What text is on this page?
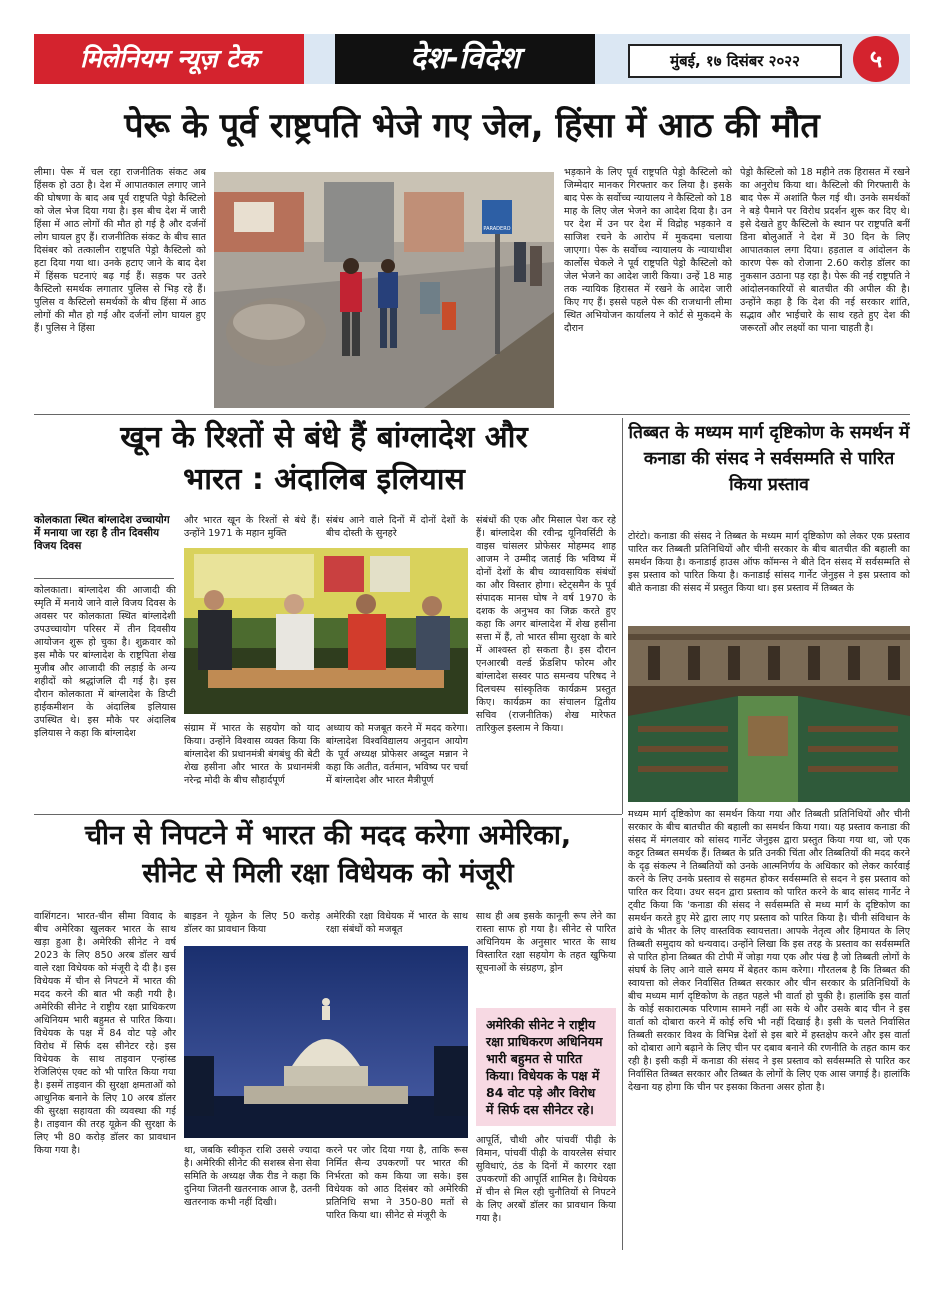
मिलेनियम न्यूज़ टेक	देश-विदेश	मुंबई, १७ दिसंबर २०२२	५
पेरू के पूर्व राष्ट्रपति भेजे गए जेल, हिंसा में आठ की मौत
लीमा। पेरू में चल रहा राजनीतिक संकट अब हिंसक हो उठा है। देश में आपातकाल लगाए जाने की घोषणा के बाद अब पूर्व राष्ट्रपति पेड्रो कैस्टिलो को जेल भेज दिया गया है। इस बीच देश में जारी हिंसा में आठ लोगों की मौत हो गई है और दर्जनों लोग घायल हुए हैं। राजनीतिक संकट के बीच सात दिसंबर को तत्कालीन राष्ट्रपति पेड्रो कैस्टिलो को हटा दिया गया था। उनके हटाए जाने के बाद देश में हिंसक घटनाएं बढ़ गई हैं। सड़क पर उतरे कैस्टिलो समर्थक लगातार पुलिस से भिड़ रहे हैं। पुलिस व कैस्टिलो समर्थकों के बीच हिंसा में आठ लोगों की मौत हो गई और दर्जनों लोग घायल हुए हैं। पुलिस ने हिंसा
PARADERO
भड़काने के लिए पूर्व राष्ट्रपति पेड्रो कैस्टिलो को जिम्मेदार मानकर गिरफ्तार कर लिया है। इसके बाद पेरू के सर्वोच्च न्यायालय ने कैस्टिलो को 18 माह के लिए जेल भेजने का आदेश दिया है। उन पर देश में उन पर देश में विद्रोह भड़काने व साजिश रचने के आरोप में मुकदमा चलाया जाएगा। पेरू के सर्वोच्च न्यायालय के न्यायाधीश कार्लोस चेकले ने पूर्व राष्ट्रपति पेड्रो कैस्टिलो को जेल भेजने का आदेश जारी किया। उन्हें 18 माह तक न्यायिक हिरासत में रखने के आदेश जारी किए गए हैं। इससे पहले पेरू की राजधानी लीमा स्थित अभियोजन कार्यालय ने कोर्ट से मुकदमे के दौरान
पेड्रो कैस्टिलो को 18 महीने तक हिरासत में रखने का अनुरोध किया था। कैस्टिलो की गिरफ्तारी के बाद पेरू में अशांति फैल गई थी। उनके समर्थकों ने बड़े पैमाने पर विरोध प्रदर्शन शुरू कर दिए थे। इसे देखते हुए कैस्टिलो के स्थान पर राष्ट्रपति बनीं डिना बोलुआर्ते ने देश में 30 दिन के लिए आपातकाल लगा दिया। हड़ताल व आंदोलन के कारण पेरू को रोजाना 2.60 करोड़ डॉलर का नुकसान उठाना पड़ रहा है। पेरू की नई राष्ट्रपति ने आंदोलनकारियों से बातचीत की अपील की है। उन्होंने कहा है कि देश की नई सरकार शांति, सद्भाव और भाईचारे के साथ रहते हुए देश की जरूरतों और लक्ष्यों का पाना चाहती है।
खून के रिश्तों से बंधे हैं बांग्लादेश और
भारत : अंदालिब इलियास
कोलकाता स्थित बांग्लादेश उच्चायोग में मनाया जा रहा है तीन दिवसीय विजय दिवस
कोलकाता। बांग्लादेश की आजादी की स्मृति में मनाये जाने वाले विजय दिवस के अवसर पर कोलकाता स्थित बांग्लादेशी उपउच्चायोग परिसर में तीन दिवसीय आयोजन शुरू हो चुका है। शुक्रवार को इस मौके पर बांग्लादेश के राष्ट्रपिता शेख मुजीब और आजादी की लड़ाई के अन्य शहीदों को श्रद्धांजलि दी गई है। इस दौरान कोलकाता में बांग्लादेश के डिप्टी हाईकमीशन के अंदालिब इलियास उपस्थित थे। इस मौके पर अंदालिब इलियास ने कहा कि बांग्लादेश
और भारत खून के रिश्तों से बंधे हैं। उन्होंने 1971 के महान मुक्ति
संबंध आने वाले दिनों में दोनों देशों के बीच दोस्ती के सुनहरे
संग्राम में भारत के सहयोग को याद किया। उन्होंने विश्वास व्यक्त किया कि बांग्लादेश की प्रधानमंत्री बंगबंधु की बेटी शेख हसीना और भारत के प्रधानमंत्री नरेन्द्र मोदी के बीच सौहार्दपूर्ण
अध्याय को मजबूत करने में मदद करेगा। बांग्लादेश विश्वविद्यालय अनुदान आयोग के पूर्व अध्यक्ष प्रोफेसर अब्दुल मन्नान ने कहा कि अतीत, वर्तमान, भविष्य पर चर्चा में बांग्लादेश और भारत मैत्रीपूर्ण
संबंधों की एक और मिसाल पेश कर रहे हैं। बांग्लादेश की रवीन्द्र यूनिवर्सिटी के वाइस चांसलर प्रोफेसर मोहम्मद शाह आजम ने उम्मीद जताई कि भविष्य में दोनों देशों के बीच व्यावसायिक संबंधों का और विस्तार होगा। स्टेट्समैन के पूर्व संपादक मानस घोष ने वर्ष 1970 के दशक के अनुभव का जिक्र करते हुए कहा कि अगर बांग्लादेश में शेख हसीना सत्ता में हैं, तो भारत सीमा सुरक्षा के बारे में आश्वस्त हो सकता है। इस दौरान एनआरबी वर्ल्ड फ्रेंडशिप फोरम और बांग्लादेश सस्वर पाठ समन्वय परिषद ने दिलचस्प सांस्कृतिक कार्यक्रम प्रस्तुत किए। कार्यक्रम का संचालन द्वितीय सचिव (राजनीतिक) शेख मारेफत तारिकुल इस्लाम ने किया।
तिब्बत के मध्यम मार्ग दृष्टिकोण के समर्थन में कनाडा की संसद ने सर्वसम्मति से पारित किया प्रस्ताव
टोरंटो। कनाडा की संसद ने तिब्बत के मध्यम मार्ग दृष्टिकोण को लेकर एक प्रस्ताव पारित कर तिब्बती प्रतिनिधियों और चीनी सरकार के बीच बातचीत की बहाली का समर्थन किया है। कनाडाई हाउस ऑफ कॉमन्स ने बीते दिन संसद में सर्वसम्मति से इस प्रस्ताव को पारित किया है। कनाडाई सांसद गार्नेट जेनुइस ने इस प्रस्ताव को बीते कनाडा की संसद में प्रस्तुत किया था। इस प्रस्ताव में तिब्बत के
मध्यम मार्ग दृष्टिकोण का समर्थन किया गया और तिब्बती प्रतिनिधियों और चीनी सरकार के बीच बातचीत की बहाली का समर्थन किया गया। यह प्रस्ताव कनाडा की संसद में मंगलवार को सांसद गार्नेट जेनुइस द्वारा प्रस्तुत किया गया था, जो एक कट्टर तिब्बत समर्थक हैं। तिब्बत के प्रति उनकी चिंता और तिब्बतियों की मदद करने के दृढ़ संकल्प ने तिब्बतियों को उनके आत्मनिर्णय के अधिकार को लेकर कार्रवाई करने के लिए उनके प्रस्ताव से सहमत होकर सर्वसम्मति से सदन ने इस प्रस्ताव को पारित कर दिया। उधर सदन द्वारा प्रस्ताव को पारित करने के बाद सांसद गार्नेट ने ट्वीट किया कि 'कनाडा की संसद ने सर्वसम्मति से मध्य मार्ग के दृष्टिकोण का समर्थन करते हुए मेरे द्वारा लाए गए प्रस्ताव को पारित किया है। चीनी संविधान के ढांचे के भीतर के लिए वास्तविक स्वायत्तता। आपके नेतृत्व और हिमायत के लिए तिब्बती समुदाय को धन्यवाद। उन्होंने लिखा कि इस तरह के प्रस्ताव का सर्वसम्मति से पारित होना तिब्बत की टोपी में जोड़ा गया एक और पंख है जो तिब्बती लोगों के संघर्ष के लिए आने वाले समय में बेहतर काम करेगा। गौरतलब है कि तिब्बत की स्वायत्ता को लेकर निर्वासित तिब्बत सरकार और चीन सरकार के प्रतिनिधियों के बीच मध्यम मार्ग दृष्टिकोण के तहत पहले भी वार्ता हो चुकी है। हालांकि इस वार्ता के कोई सकारात्मक परिणाम सामने नहीं आ सके थे और उसके बाद चीन ने इस वार्ता को दोबारा करने में कोई रुचि भी नहीं दिखाई है। इसी के चलते निर्वासित तिब्बती सरकार विश्व के विभिन्न देशों से इस बारे में हस्तक्षेप करने और इस वार्ता को दोबारा आगे बढ़ाने के लिए चीन पर दबाव बनाने की रणनीति के तहत काम कर रही है। इसी कड़ी में कनाडा की संसद ने इस प्रस्ताव को सर्वसम्मति से पारित कर निर्वासित तिब्बत सरकार और तिब्बत के लोगों के लिए एक आस जगाई है। हालांकि देखना यह होगा कि चीन पर इसका कितना असर होता है।
चीन से निपटने में भारत की मदद करेगा अमेरिका,
सीनेट से मिली रक्षा विधेयक को मंजूरी
वाशिंगटन। भारत-चीन सीमा विवाद के बीच अमेरिका खुलकर भारत के साथ खड़ा हुआ है। अमेरिकी सीनेट ने वर्ष 2023 के लिए 850 अरब डॉलर खर्च वाले रक्षा विधेयक को मंजूरी दे दी है। इस विधेयक में चीन से निपटने में भारत की मदद करने की बात भी कही गयी है। अमेरिकी सीनेट ने राष्ट्रीय रक्षा प्राधिकरण अधिनियम भारी बहुमत से पारित किया। विधेयक के पक्ष में 84 वोट पड़े और विरोध में सिर्फ दस सीनेटर रहे। इस विधेयक के साथ ताइवान एन्हांस्ड रेजिलिएंस एक्ट को भी पारित किया गया है। इसमें ताइवान की सुरक्षा क्षमताओं को आधुनिक बनाने के लिए 10 अरब डॉलर की सुरक्षा सहायता की व्यवस्था की गई है। ताइवान की तरह यूक्रेन की सुरक्षा के लिए भी 80 करोड़ डॉलर का प्रावधान किया गया है।
बाइडन ने यूक्रेन के लिए 50 करोड़ डॉलर का प्रावधान किया
अमेरिकी रक्षा विधेयक में भारत के साथ रक्षा संबंधों को मजबूत
था, जबकि स्वीकृत राशि उससे ज्यादा है। अमेरिकी सीनेट की सशस्त्र सेना सेवा समिति के अध्यक्ष जैक रीड ने कहा कि दुनिया जितनी खतरनाक आज है, उतनी खतरनाक कभी नहीं दिखी।
करने पर जोर दिया गया है, ताकि रूस निर्मित सैन्य उपकरणों पर भारत की निर्भरता को कम किया जा सके। इस विधेयक को आठ दिसंबर को अमेरिकी प्रतिनिधि सभा ने 350-80 मतों से पारित किया था। सीनेट से मंजूरी के
साथ ही अब इसके कानूनी रूप लेने का रास्ता साफ हो गया है। सीनेट से पारित अधिनियम के अनुसार भारत के साथ विस्तारित रक्षा सहयोग के तहत खुफिया सूचनाओं के संग्रहण, ड्रोन
अमेरिकी सीनेट ने राष्ट्रीय रक्षा प्राधिकरण अधिनियम भारी बहुमत से पारित किया। विधेयक के पक्ष में 84 वोट पड़े और विरोध में सिर्फ दस सीनेटर रहे।
आपूर्ति, चौथी और पांचवीं पीढ़ी के विमान, पांचवीं पीढ़ी के वायरलेस संचार सुविधाएं, ठंड के दिनों में कारगर रक्षा उपकरणों की आपूर्ति शामिल है। विधेयक में चीन से मिल रही चुनौतियों से निपटने के लिए अरबों डॉलर का प्रावधान किया गया है।
